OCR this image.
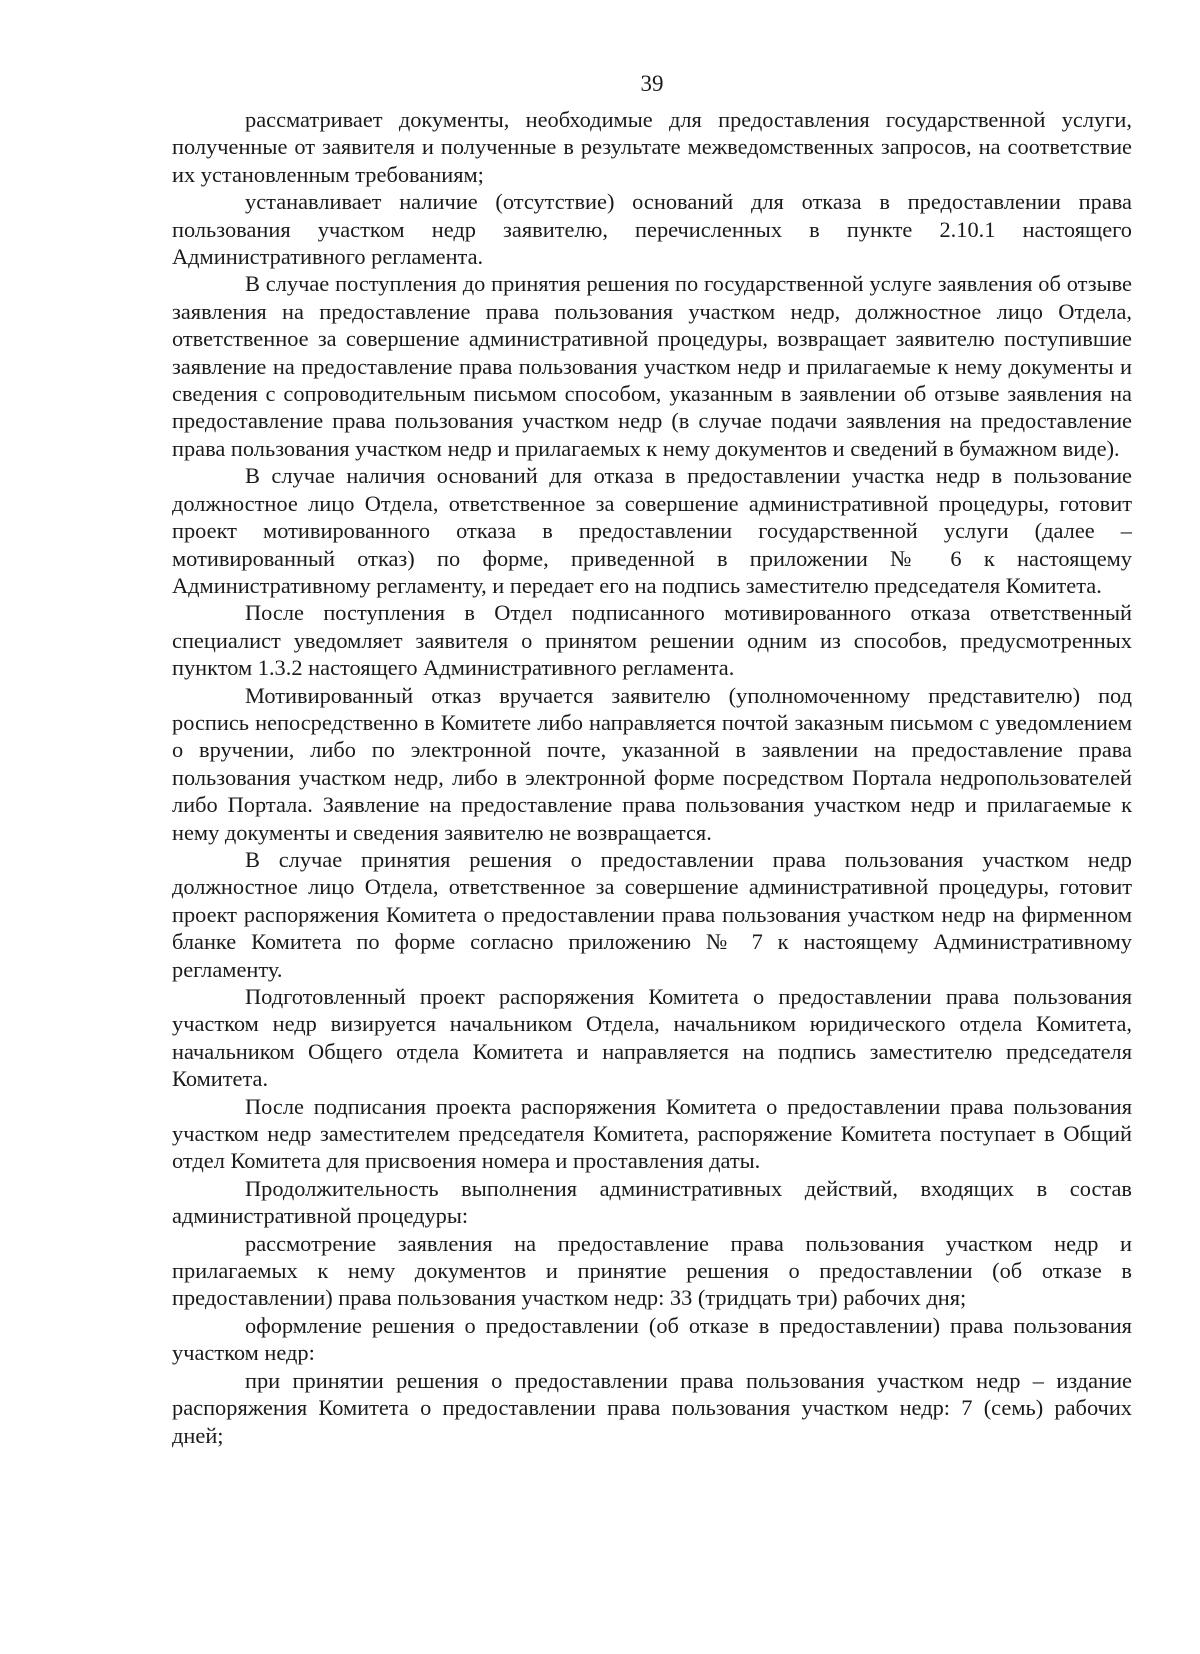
39

рассматривает документы, необходимые для предоставления государственной услуги, полученные от заявителя и полученные в результате межведомственных запросов, на соответствие их установленным требованиям;

устанавливает наличие (отсутствие) оснований для отказа в предоставлении права пользования участком недр заявителю, перечисленных в пункте 2.10.1 настоящего Административного регламента.

В случае поступления до принятия решения по государственной услуге заявления об отзыве заявления на предоставление права пользования участком недр, должностное лицо Отдела, ответственное за совершение административной процедуры, возвращает заявителю поступившие заявление на предоставление права пользования участком недр и прилагаемые к нему документы и сведения с сопроводительным письмом способом, указанным в заявлении об отзыве заявления на предоставление права пользования участком недр (в случае подачи заявления на предоставление права пользования участком недр и прилагаемых к нему документов и сведений в бумажном виде).

В случае наличия оснований для отказа в предоставлении участка недр в пользование должностное лицо Отдела, ответственное за совершение административной процедуры, готовит проект мотивированного отказа в предоставлении государственной услуги (далее – мотивированный отказ) по форме, приведенной в приложении № 6 к настоящему Административному регламенту, и передает его на подпись заместителю председателя Комитета.

После поступления в Отдел подписанного мотивированного отказа ответственный специалист уведомляет заявителя о принятом решении одним из способов, предусмотренных пунктом 1.3.2 настоящего Административного регламента.

Мотивированный отказ вручается заявителю (уполномоченному представителю) под роспись непосредственно в Комитете либо направляется почтой заказным письмом с уведомлением о вручении, либо по электронной почте, указанной в заявлении на предоставление права пользования участком недр, либо в электронной форме посредством Портала недропользователей либо Портала. Заявление на предоставление права пользования участком недр и прилагаемые к нему документы и сведения заявителю не возвращается.

В случае принятия решения о предоставлении права пользования участком недр должностное лицо Отдела, ответственное за совершение административной процедуры, готовит проект распоряжения Комитета о предоставлении права пользования участком недр на фирменном бланке Комитета по форме согласно приложению № 7 к настоящему Административному регламенту.

Подготовленный проект распоряжения Комитета о предоставлении права пользования участком недр визируется начальником Отдела, начальником юридического отдела Комитета, начальником Общего отдела Комитета и направляется на подпись заместителю председателя Комитета.

После подписания проекта распоряжения Комитета о предоставлении права пользования участком недр заместителем председателя Комитета, распоряжение Комитета поступает в Общий отдел Комитета для присвоения номера и проставления даты.

Продолжительность выполнения административных действий, входящих в состав административной процедуры:

рассмотрение заявления на предоставление права пользования участком недр и прилагаемых к нему документов и принятие решения о предоставлении (об отказе в предоставлении) права пользования участком недр: 33 (тридцать три) рабочих дня;

оформление решения о предоставлении (об отказе в предоставлении) права пользования участком недр:

при принятии решения о предоставлении права пользования участком недр – издание распоряжения Комитета о предоставлении права пользования участком недр: 7 (семь) рабочих дней;
